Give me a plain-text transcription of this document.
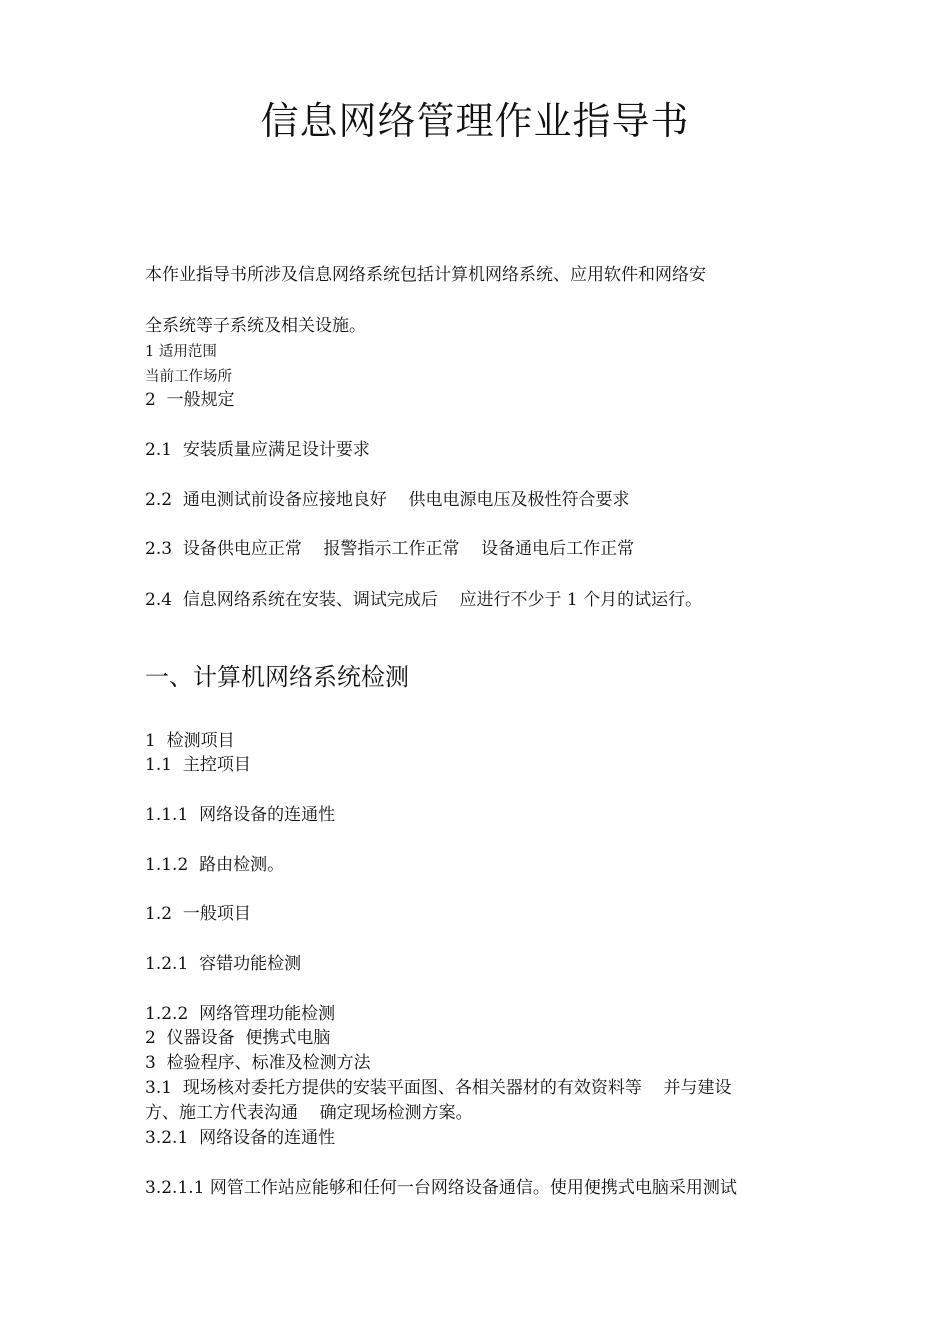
信息网络管理作业指导书
本作业指导书所涉及信息网络系统包括计算机网络系统、应用软件和网络安
全系统等子系统及相关设施。
1 适用范围
当前工作场所
2  一般规定
2.1  安装质量应满足设计要求
2.2  通电测试前设备应接地良好    供电电源电压及极性符合要求
2.3  设备供电应正常    报警指示工作正常    设备通电后工作正常
2.4  信息网络系统在安装、调试完成后    应进行不少于 1 个月的试运行。
一、计算机网络系统检测
1  检测项目
1.1  主控项目
1.1.1  网络设备的连通性
1.1.2  路由检测。
1.2  一般项目
1.2.1  容错功能检测
1.2.2  网络管理功能检测
2  仪器设备  便携式电脑
3  检验程序、标准及检测方法
3.1  现场核对委托方提供的安装平面图、各相关器材的有效资料等    并与建设
方、施工方代表沟通    确定现场检测方案。
3.2.1  网络设备的连通性
3.2.1.1 网管工作站应能够和任何一台网络设备通信。使用便携式电脑采用测试
